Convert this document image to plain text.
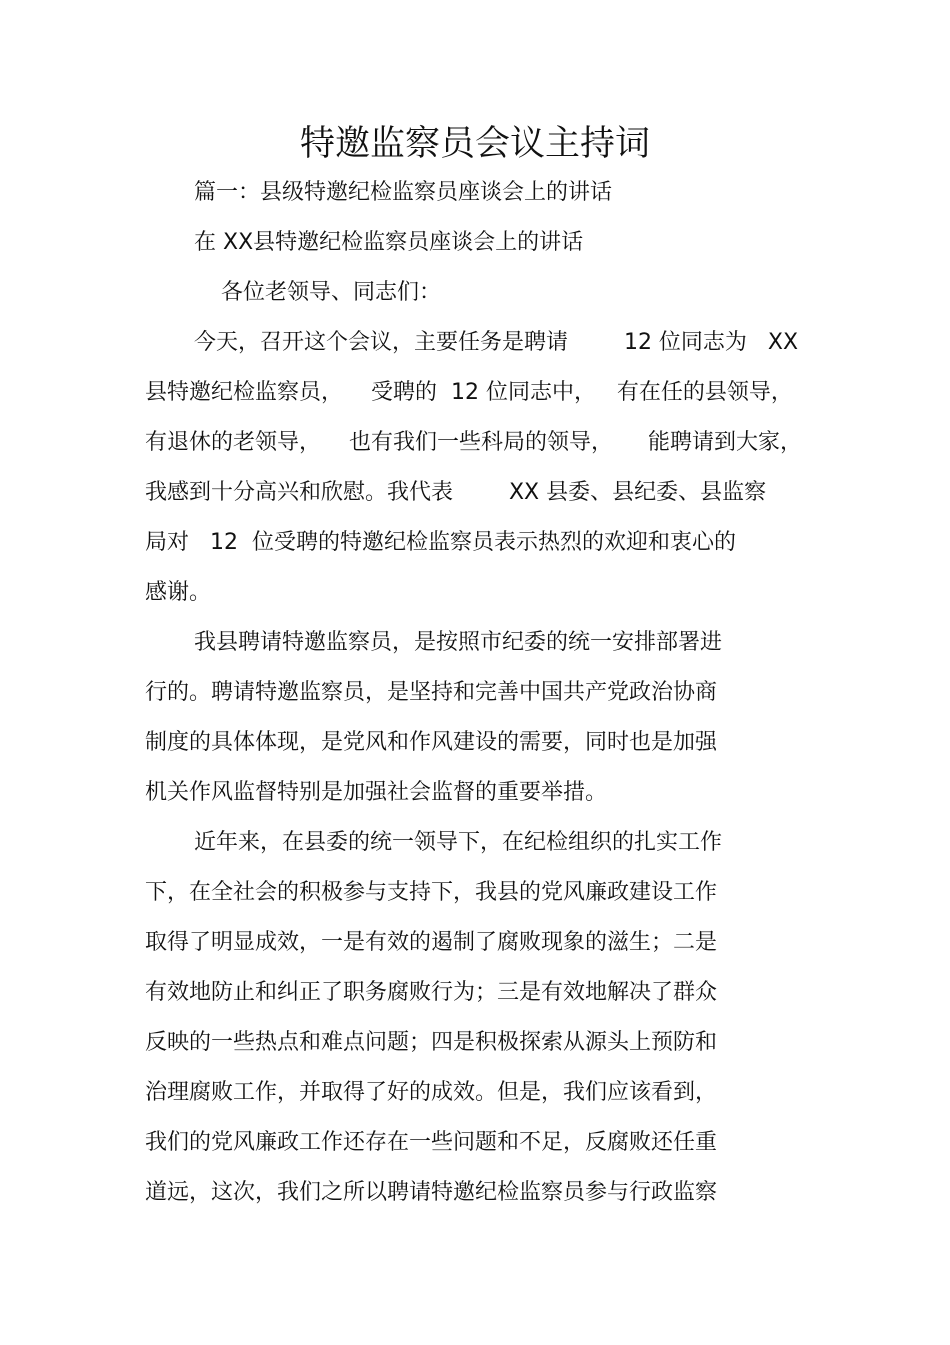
特邀监察员会议主持词
篇一：县级特邀纪检监察员座谈会上的讲话
在 XX县特邀纪检监察员座谈会上的讲话
各位老领导、同志们：
今天，召开这个会议，主要任务是聘请        12 位同志为   XX
县特邀纪检监察员，    受聘的  12 位同志中，   有在任的县领导，
有退休的老领导，    也有我们一些科局的领导，     能聘请到大家，
我感到十分高兴和欣慰。我代表        XX 县委、县纪委、县监察
局对   12  位受聘的特邀纪检监察员表示热烈的欢迎和衷心的
感谢。
我县聘请特邀监察员，是按照市纪委的统一安排部署进
行的。聘请特邀监察员，是坚持和完善中国共产党政治协商
制度的具体体现，是党风和作风建设的需要，同时也是加强
机关作风监督特别是加强社会监督的重要举措。
近年来，在县委的统一领导下，在纪检组织的扎实工作
下，在全社会的积极参与支持下，我县的党风廉政建设工作
取得了明显成效，一是有效的遏制了腐败现象的滋生；二是
有效地防止和纠正了职务腐败行为；三是有效地解决了群众
反映的一些热点和难点问题；四是积极探索从源头上预防和
治理腐败工作，并取得了好的成效。但是，我们应该看到，
我们的党风廉政工作还存在一些问题和不足，反腐败还任重
道远，这次，我们之所以聘请特邀纪检监察员参与行政监察
